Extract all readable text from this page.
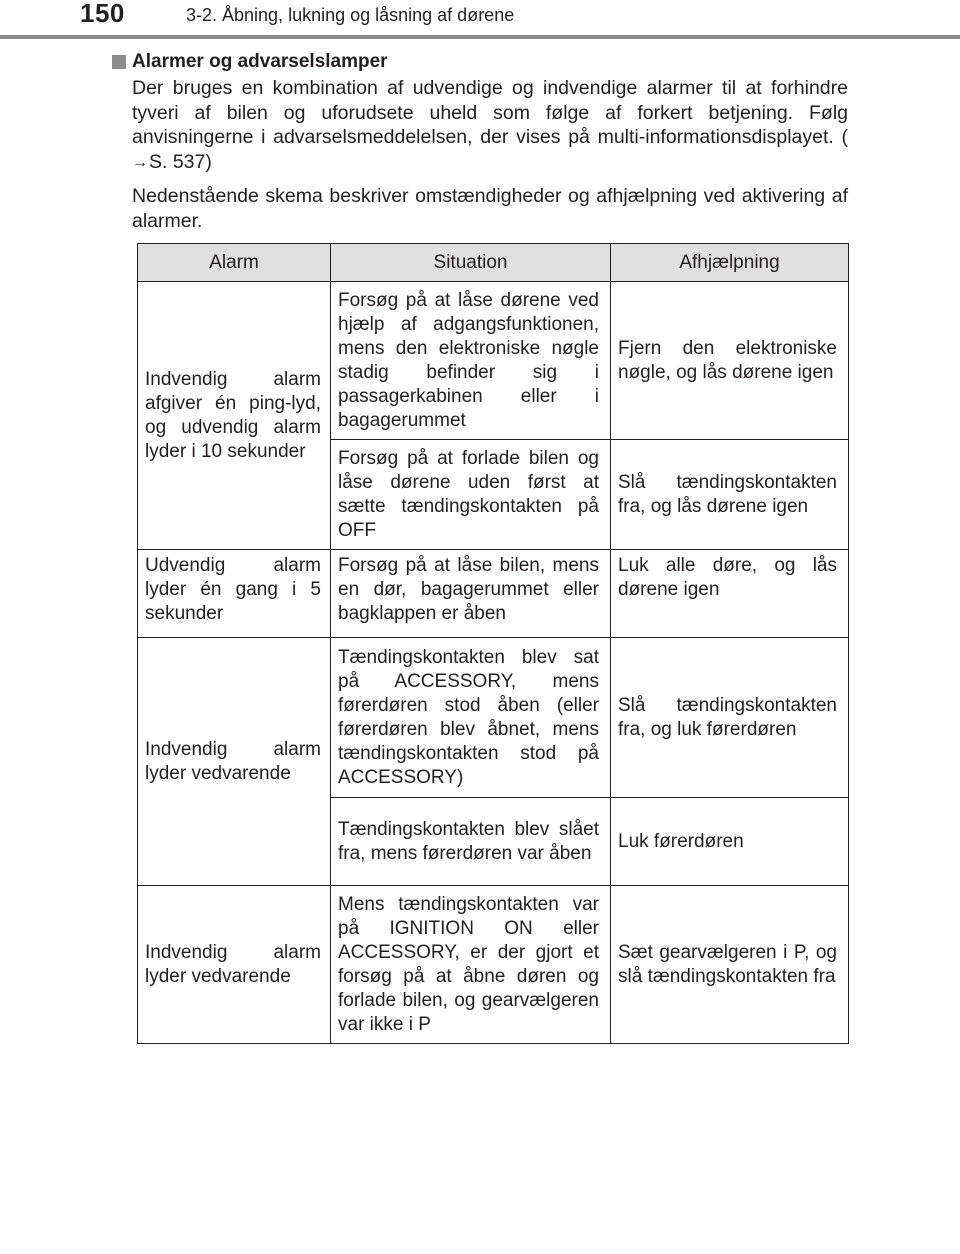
150	3-2. Åbning, lukning og låsning af dørene
Alarmer og advarselslamper

Der bruges en kombination af udvendige og indvendige alarmer til at forhindre tyveri af bilen og uforudsete uheld som følge af forkert betjening. Følg anvisningerne i advarselsmeddelelsen, der vises på multi-informationsdisplayet. (→S. 537)

Nedenstående skema beskriver omstændigheder og afhjælpning ved aktivering af alarmer.

Alarm	Situation	Afhjælpning
Indvendig alarm afgiver én ping-lyd, og udvendig alarm lyder i 10 sekunder	Forsøg på at låse dørene ved hjælp af adgangsfunktionen, mens den elektroniske nøgle stadig befinder sig i passagerkabinen eller i bagagerummet	Fjern den elektroniske nøgle, og lås dørene igen
	Forsøg på at forlade bilen og låse dørene uden først at sætte tændingskontakten på OFF	Slå tændingskontakten fra, og lås dørene igen
Udvendig alarm lyder én gang i 5 sekunder	Forsøg på at låse bilen, mens en dør, bagagerummet eller bagklappen er åben	Luk alle døre, og lås dørene igen
Indvendig alarm lyder vedvarende	Tændingskontakten blev sat på ACCESSORY, mens førerdøren stod åben (eller førerdøren blev åbnet, mens tændingskontakten stod på ACCESSORY)	Slå tændingskontakten fra, og luk førerdøren
	Tændingskontakten blev slået fra, mens førerdøren var åben	Luk førerdøren
Indvendig alarm lyder vedvarende	Mens tændingskontakten var på IGNITION ON eller ACCESSORY, er der gjort et forsøg på at åbne døren og forlade bilen, og gearvælgeren var ikke i P	Sæt gearvælgeren i P, og slå tændingskontakten fra
